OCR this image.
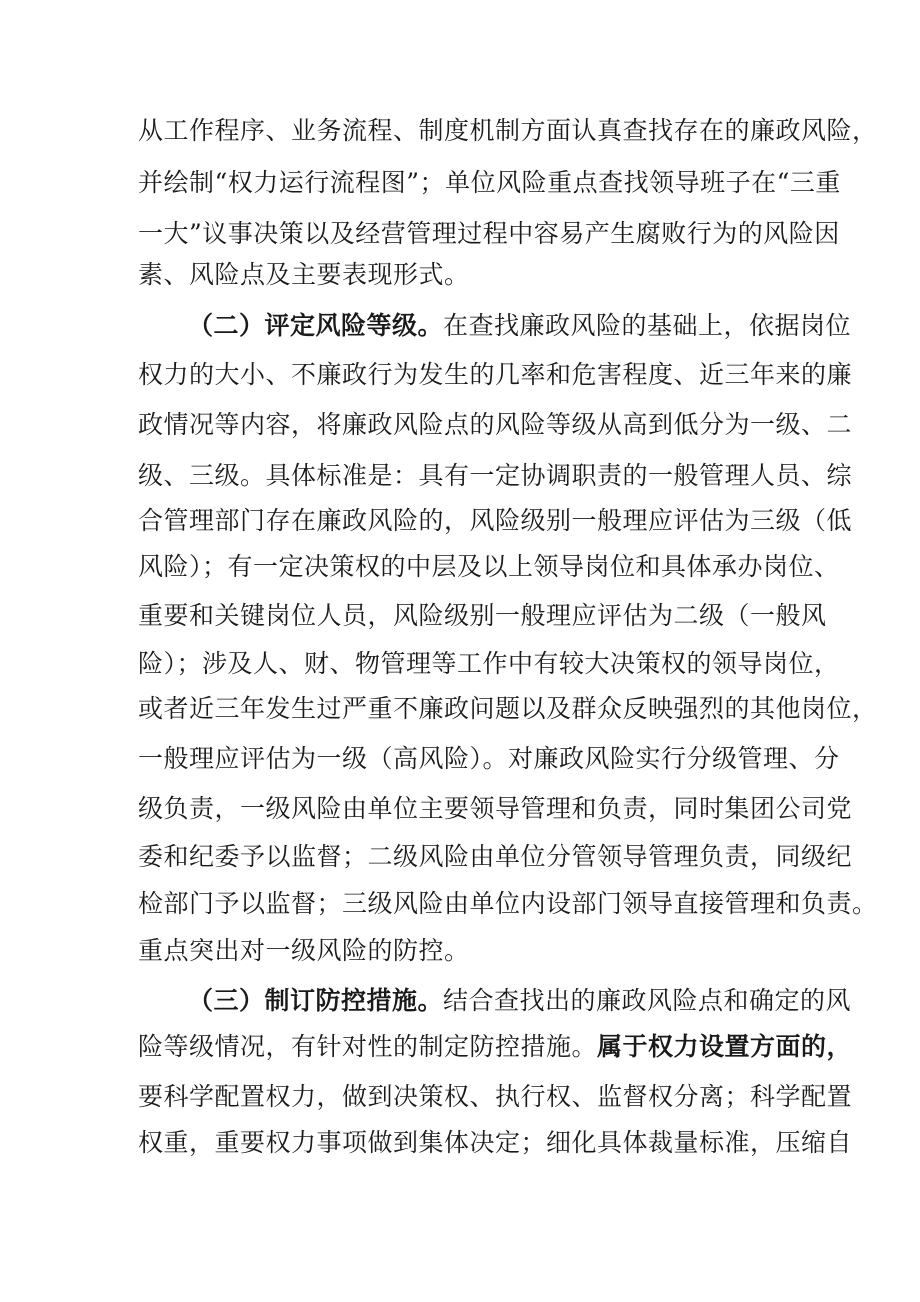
从工作程序、业务流程、制度机制方面认真查找存在的廉政风险，
并绘制“权力运行流程图”；单位风险重点查找领导班子在“三重
一大”议事决策以及经营管理过程中容易产生腐败行为的风险因
素、风险点及主要表现形式。
（二）评定风险等级。在查找廉政风险的基础上，依据岗位
权力的大小、不廉政行为发生的几率和危害程度、近三年来的廉
政情况等内容，将廉政风险点的风险等级从高到低分为一级、二
级、三级。具体标准是：具有一定协调职责的一般管理人员、综
合管理部门存在廉政风险的，风险级别一般理应评估为三级（低
风险）；有一定决策权的中层及以上领导岗位和具体承办岗位、
重要和关键岗位人员，风险级别一般理应评估为二级（一般风
险）；涉及人、财、物管理等工作中有较大决策权的领导岗位，
或者近三年发生过严重不廉政问题以及群众反映强烈的其他岗位，
一般理应评估为一级（高风险）。对廉政风险实行分级管理、分
级负责，一级风险由单位主要领导管理和负责，同时集团公司党
委和纪委予以监督；二级风险由单位分管领导管理负责，同级纪
检部门予以监督；三级风险由单位内设部门领导直接管理和负责。
重点突出对一级风险的防控。
（三）制订防控措施。结合查找出的廉政风险点和确定的风
险等级情况，有针对性的制定防控措施。属于权力设置方面的，
要科学配置权力，做到决策权、执行权、监督权分离；科学配置
权重，重要权力事项做到集体决定；细化具体裁量标准，压缩自
